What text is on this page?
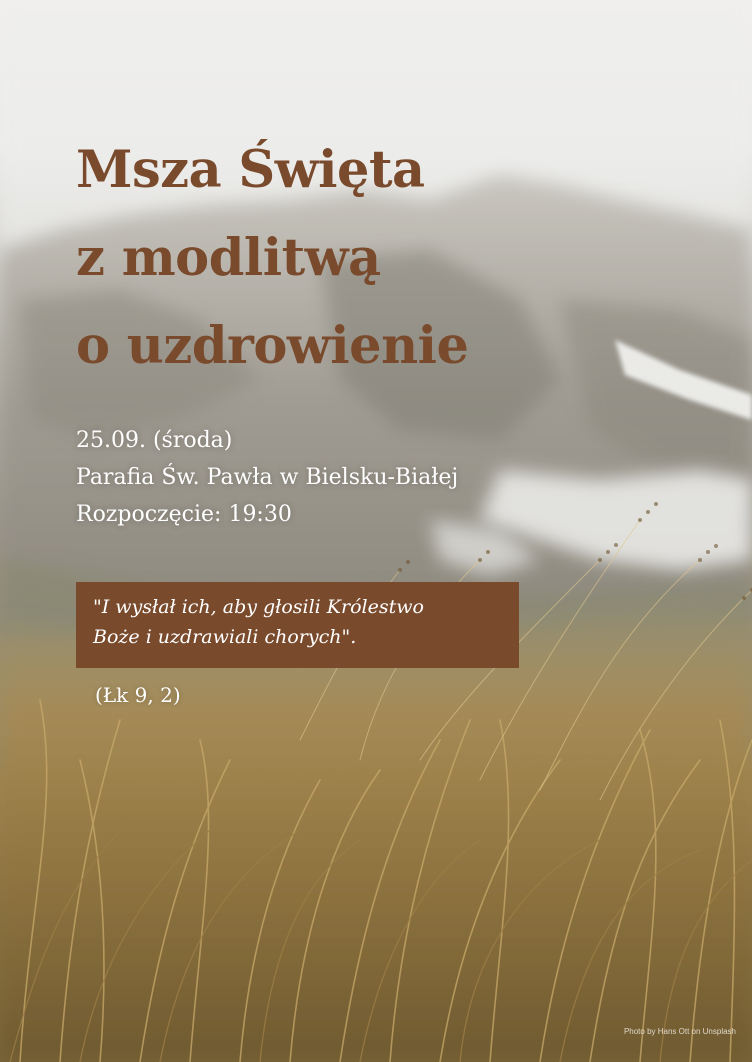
Msza Święta
z modlitwą
o uzdrowienie
25.09. (środa)
Parafia Św. Pawła w Bielsku-Białej
Rozpoczęcie: 19:30
"I wysłał ich, aby głosili Królestwo
Boże i uzdrawiali chorych".
(Łk 9, 2)
Photo by Hans Ott on Unsplash
